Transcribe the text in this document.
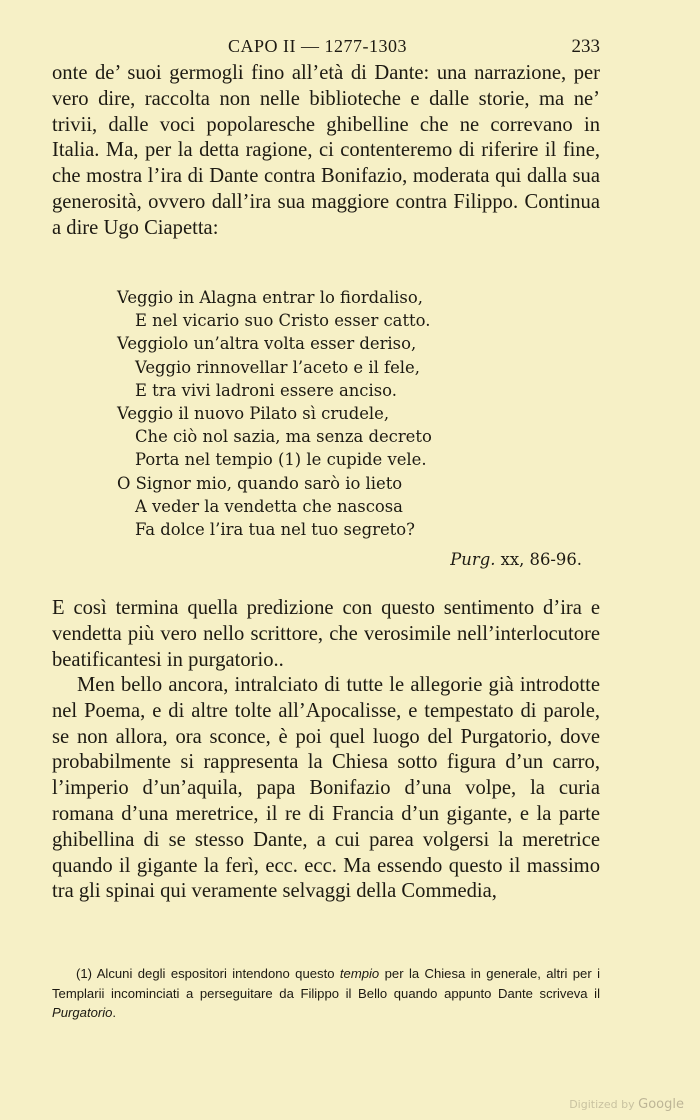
CAPO II — 1277-1303	233

onte de’ suoi germogli fino all’età di Dante: una narrazione, per vero dire, raccolta non nelle biblioteche e dalle storie, ma ne’ trivii, dalle voci popolaresche ghibelline che ne correvano in Italia. Ma, per la detta ragione, ci contenteremo di riferire il fine, che mostra l’ira di Dante contra Bonifazio, moderata qui dalla sua generosità, ovvero dall’ira sua maggiore contra Filippo. Continua a dire Ugo Ciapetta:

Veggio in Alagna entrar lo fiordaliso,
E nel vicario suo Cristo esser catto.
Veggiolo un’altra volta esser deriso,
Veggio rinnovellar l’aceto e il fele,
E tra vivi ladroni essere anciso.
Veggio il nuovo Pilato sì crudele,
Che ciò nol sazia, ma senza decreto
Porta nel tempio (1) le cupide vele.
O Signor mio, quando sarò io lieto
A veder la vendetta che nascosa
Fa dolce l’ira tua nel tuo segreto?
Purg. xx, 86-96.

E così termina quella predizione con questo sentimento d’ira e vendetta più vero nello scrittore, che verosimile nell’interlocutore beatificantesi in purgatorio..

Men bello ancora, intralciato di tutte le allegorie già introdotte nel Poema, e di altre tolte all’Apocalisse, e tempestato di parole, se non allora, ora sconce, è poi quel luogo del Purgatorio, dove probabilmente si rappresenta la Chiesa sotto figura d’un carro, l’imperio d’un’aquila, papa Bonifazio d’una volpe, la curia romana d’una meretrice, il re di Francia d’un gigante, e la parte ghibellina di se stesso Dante, a cui parea volgersi la meretrice quando il gigante la ferì, ecc. ecc. Ma essendo questo il massimo tra gli spinai qui veramente selvaggi della Commedia,

(1) Alcuni degli espositori intendono questo tempio per la Chiesa in generale, altri per i Templarii incominciati a perseguitare da Filippo il Bello quando appunto Dante scriveva il Purgatorio.
Digitized by Google
